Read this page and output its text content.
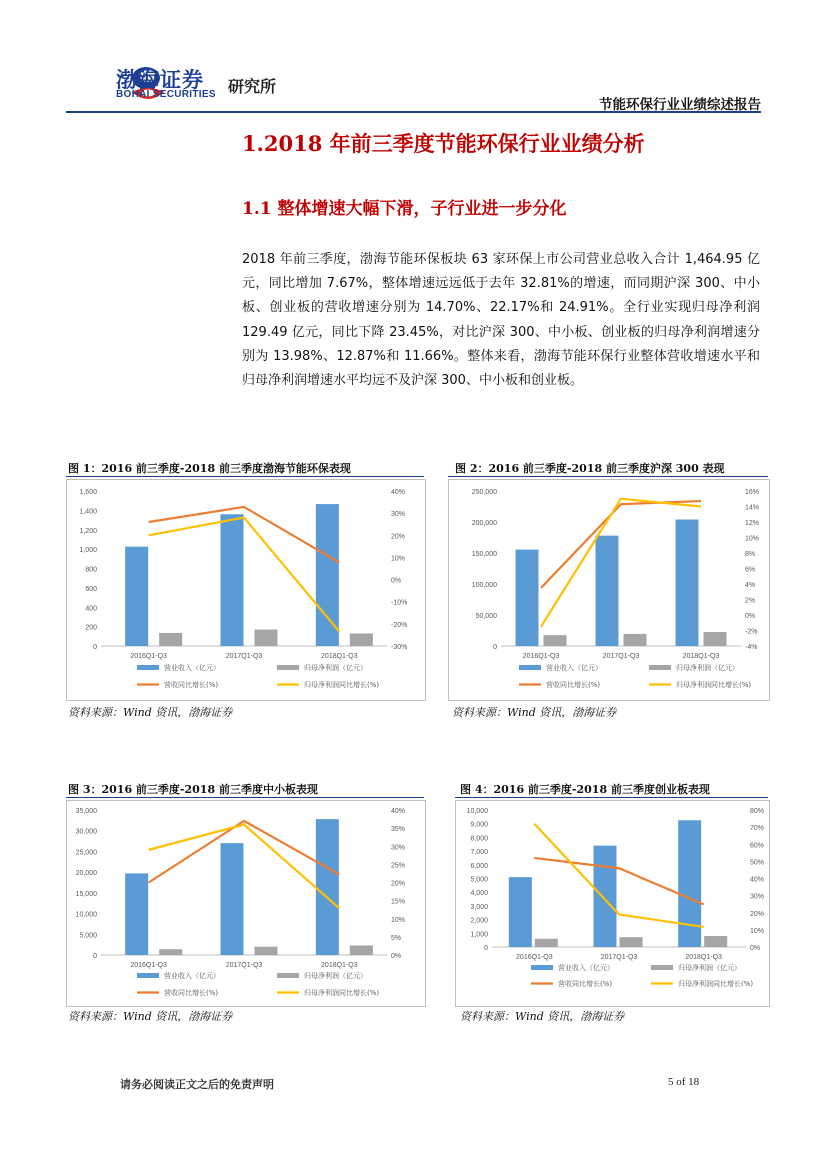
渤海证券
BOHAI SECURITIES 研究所
节能环保行业业绩综述报告
1.2018 年前三季度节能环保行业业绩分析
1.1 整体增速大幅下滑，子行业进一步分化
2018 年前三季度，渤海节能环保板块 63 家环保上市公司营业总收入合计 1,464.95 亿元，同比增加 7.67%，整体增速远远低于去年 32.81%的增速，而同期沪深 300、中小板、创业板的营收增速分别为 14.70%、22.17%和 24.91%。全行业实现归母净利润 129.49 亿元，同比下降 23.45%，对比沪深 300、中小板、创业板的归母净利润增速分别为 13.98%、12.87%和 11.66%。整体来看，渤海节能环保行业整体营收增速水平和归母净利润增速水平均远不及沪深 300、中小板和创业板。
图 1：2016 前三季度-2018 前三季度渤海节能环保表现
0
200
400
600
800
1,000
1,200
1,400
1,600
-30%
-20%
-10%
0%
10%
20%
30%
40%
2016Q1-Q3	2017Q1-Q3	2018Q1-Q3
营业收入（亿元）	归母净利润（亿元）
营收同比增长(%)	归母净利润同比增长(%)
资料来源：Wind 资讯，渤海证券
图 2：2016 前三季度-2018 前三季度沪深 300 表现
0
50,000
100,000
150,000
200,000
250,000
-4%
-2%
0%
2%
4%
6%
8%
10%
12%
14%
16%
2016Q1-Q3	2017Q1-Q3	2018Q1-Q3
营业收入（亿元）	归母净利润（亿元）
营收同比增长(%)	归母净利润同比增长(%)
资料来源：Wind 资讯，渤海证券
图 3：2016 前三季度-2018 前三季度中小板表现
0
5,000
10,000
15,000
20,000
25,000
30,000
35,000
0%
5%
10%
15%
20%
25%
30%
35%
40%
2016Q1-Q3	2017Q1-Q3	2018Q1-Q3
营业收入（亿元）	归母净利润（亿元）
营收同比增长(%)	归母净利润同比增长(%)
资料来源：Wind 资讯，渤海证券
图 4：2016 前三季度-2018 前三季度创业板表现
0
1,000
2,000
3,000
4,000
5,000
6,000
7,000
8,000
9,000
10,000
0%
10%
20%
30%
40%
50%
60%
70%
80%
2016Q1-Q3	2017Q1-Q3	2018Q1-Q3
营业收入（亿元）	归母净利润（亿元）
营收同比增长(%)	归母净利润同比增长(%)
资料来源：Wind 资讯，渤海证券
请务必阅读正文之后的免责声明	5 of 18
